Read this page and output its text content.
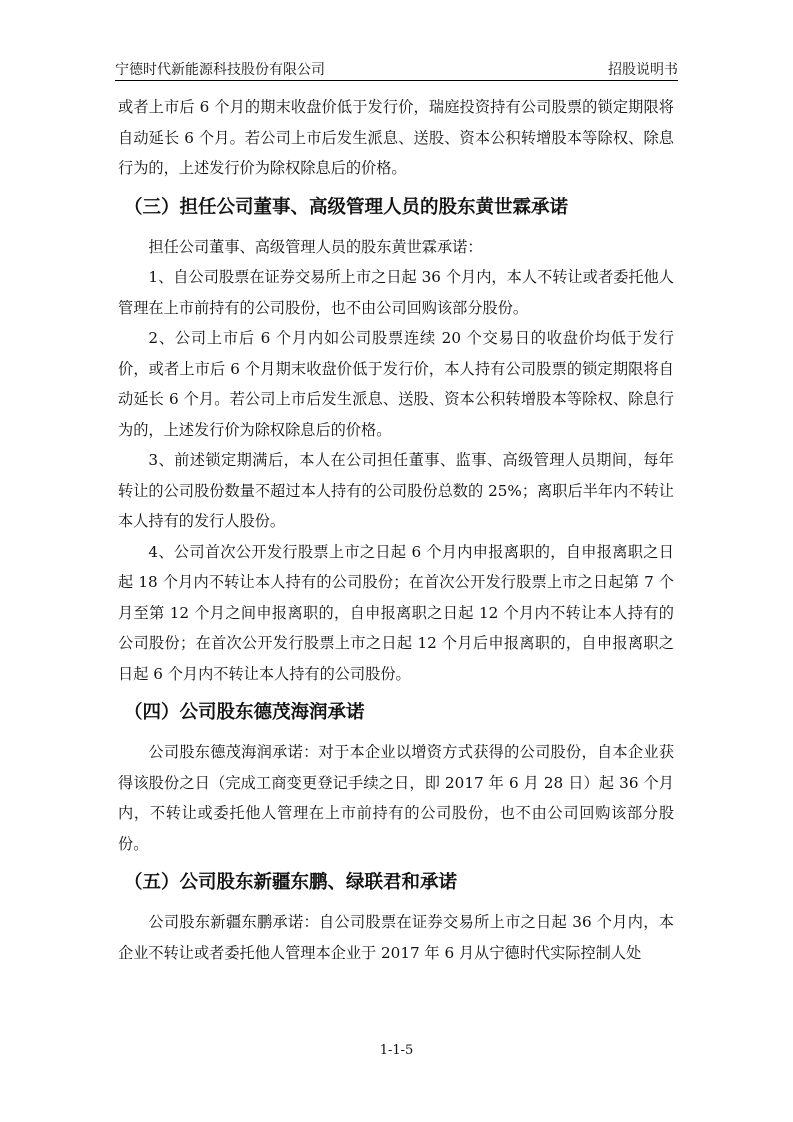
宁德时代新能源科技股份有限公司	招股说明书

或者上市后 6 个月的期末收盘价低于发行价，瑞庭投资持有公司股票的锁定期限将自动延长 6 个月。若公司上市后发生派息、送股、资本公积转增股本等除权、除息行为的，上述发行价为除权除息后的价格。

（三）担任公司董事、高级管理人员的股东黄世霖承诺

担任公司董事、高级管理人员的股东黄世霖承诺：

1、自公司股票在证券交易所上市之日起 36 个月内，本人不转让或者委托他人管理在上市前持有的公司股份，也不由公司回购该部分股份。

2、公司上市后 6 个月内如公司股票连续 20 个交易日的收盘价均低于发行价，或者上市后 6 个月期末收盘价低于发行价，本人持有公司股票的锁定期限将自动延长 6 个月。若公司上市后发生派息、送股、资本公积转增股本等除权、除息行为的，上述发行价为除权除息后的价格。

3、前述锁定期满后，本人在公司担任董事、监事、高级管理人员期间，每年转让的公司股份数量不超过本人持有的公司股份总数的 25%；离职后半年内不转让本人持有的发行人股份。

4、公司首次公开发行股票上市之日起 6 个月内申报离职的，自申报离职之日起 18 个月内不转让本人持有的公司股份；在首次公开发行股票上市之日起第 7 个月至第 12 个月之间申报离职的，自申报离职之日起 12 个月内不转让本人持有的公司股份；在首次公开发行股票上市之日起 12 个月后申报离职的，自申报离职之日起 6 个月内不转让本人持有的公司股份。

（四）公司股东德茂海润承诺

公司股东德茂海润承诺：对于本企业以增资方式获得的公司股份，自本企业获得该股份之日（完成工商变更登记手续之日，即 2017 年 6 月 28 日）起 36 个月内，不转让或委托他人管理在上市前持有的公司股份，也不由公司回购该部分股份。

（五）公司股东新疆东鹏、绿联君和承诺

公司股东新疆东鹏承诺：自公司股票在证券交易所上市之日起 36 个月内，本企业不转让或者委托他人管理本企业于 2017 年 6 月从宁德时代实际控制人处

1-1-5
